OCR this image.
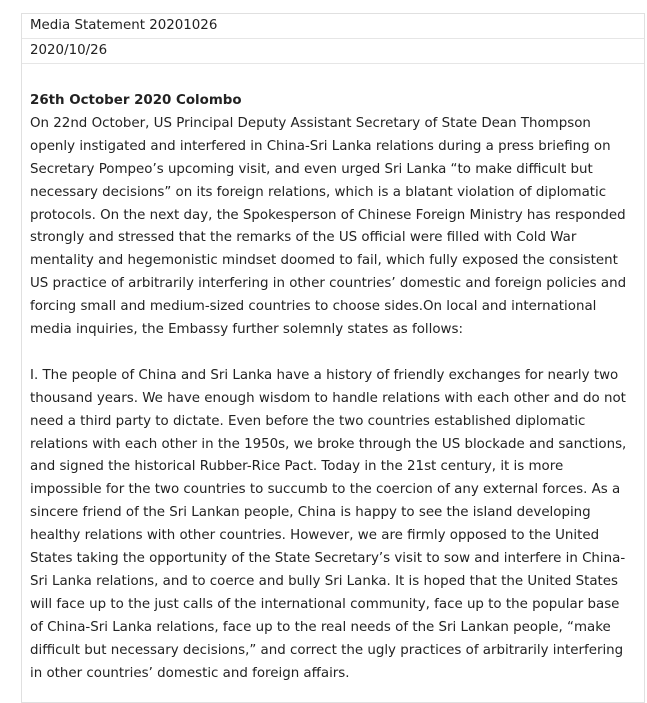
Media Statement 20201026
2020/10/26

26th October 2020 Colombo
On 22nd October, US Principal Deputy Assistant Secretary of State Dean Thompson openly instigated and interfered in China-Sri Lanka relations during a press briefing on Secretary Pompeo’s upcoming visit, and even urged Sri Lanka “to make difficult but necessary decisions” on its foreign relations, which is a blatant violation of diplomatic protocols. On the next day, the Spokesperson of Chinese Foreign Ministry has responded strongly and stressed that the remarks of the US official were filled with Cold War mentality and hegemonistic mindset doomed to fail, which fully exposed the consistent US practice of arbitrarily interfering in other countries’ domestic and foreign policies and forcing small and medium-sized countries to choose sides.On local and international media inquiries, the Embassy further solemnly states as follows:

I. The people of China and Sri Lanka have a history of friendly exchanges for nearly two thousand years. We have enough wisdom to handle relations with each other and do not need a third party to dictate. Even before the two countries established diplomatic relations with each other in the 1950s, we broke through the US blockade and sanctions, and signed the historical Rubber-Rice Pact. Today in the 21st century, it is more impossible for the two countries to succumb to the coercion of any external forces. As a sincere friend of the Sri Lankan people, China is happy to see the island developing healthy relations with other countries. However, we are firmly opposed to the United States taking the opportunity of the State Secretary’s visit to sow and interfere in China-Sri Lanka relations, and to coerce and bully Sri Lanka. It is hoped that the United States will face up to the just calls of the international community, face up to the popular base of China-Sri Lanka relations, face up to the real needs of the Sri Lankan people, “make difficult but necessary decisions,” and correct the ugly practices of arbitrarily interfering in other countries’ domestic and foreign affairs.
